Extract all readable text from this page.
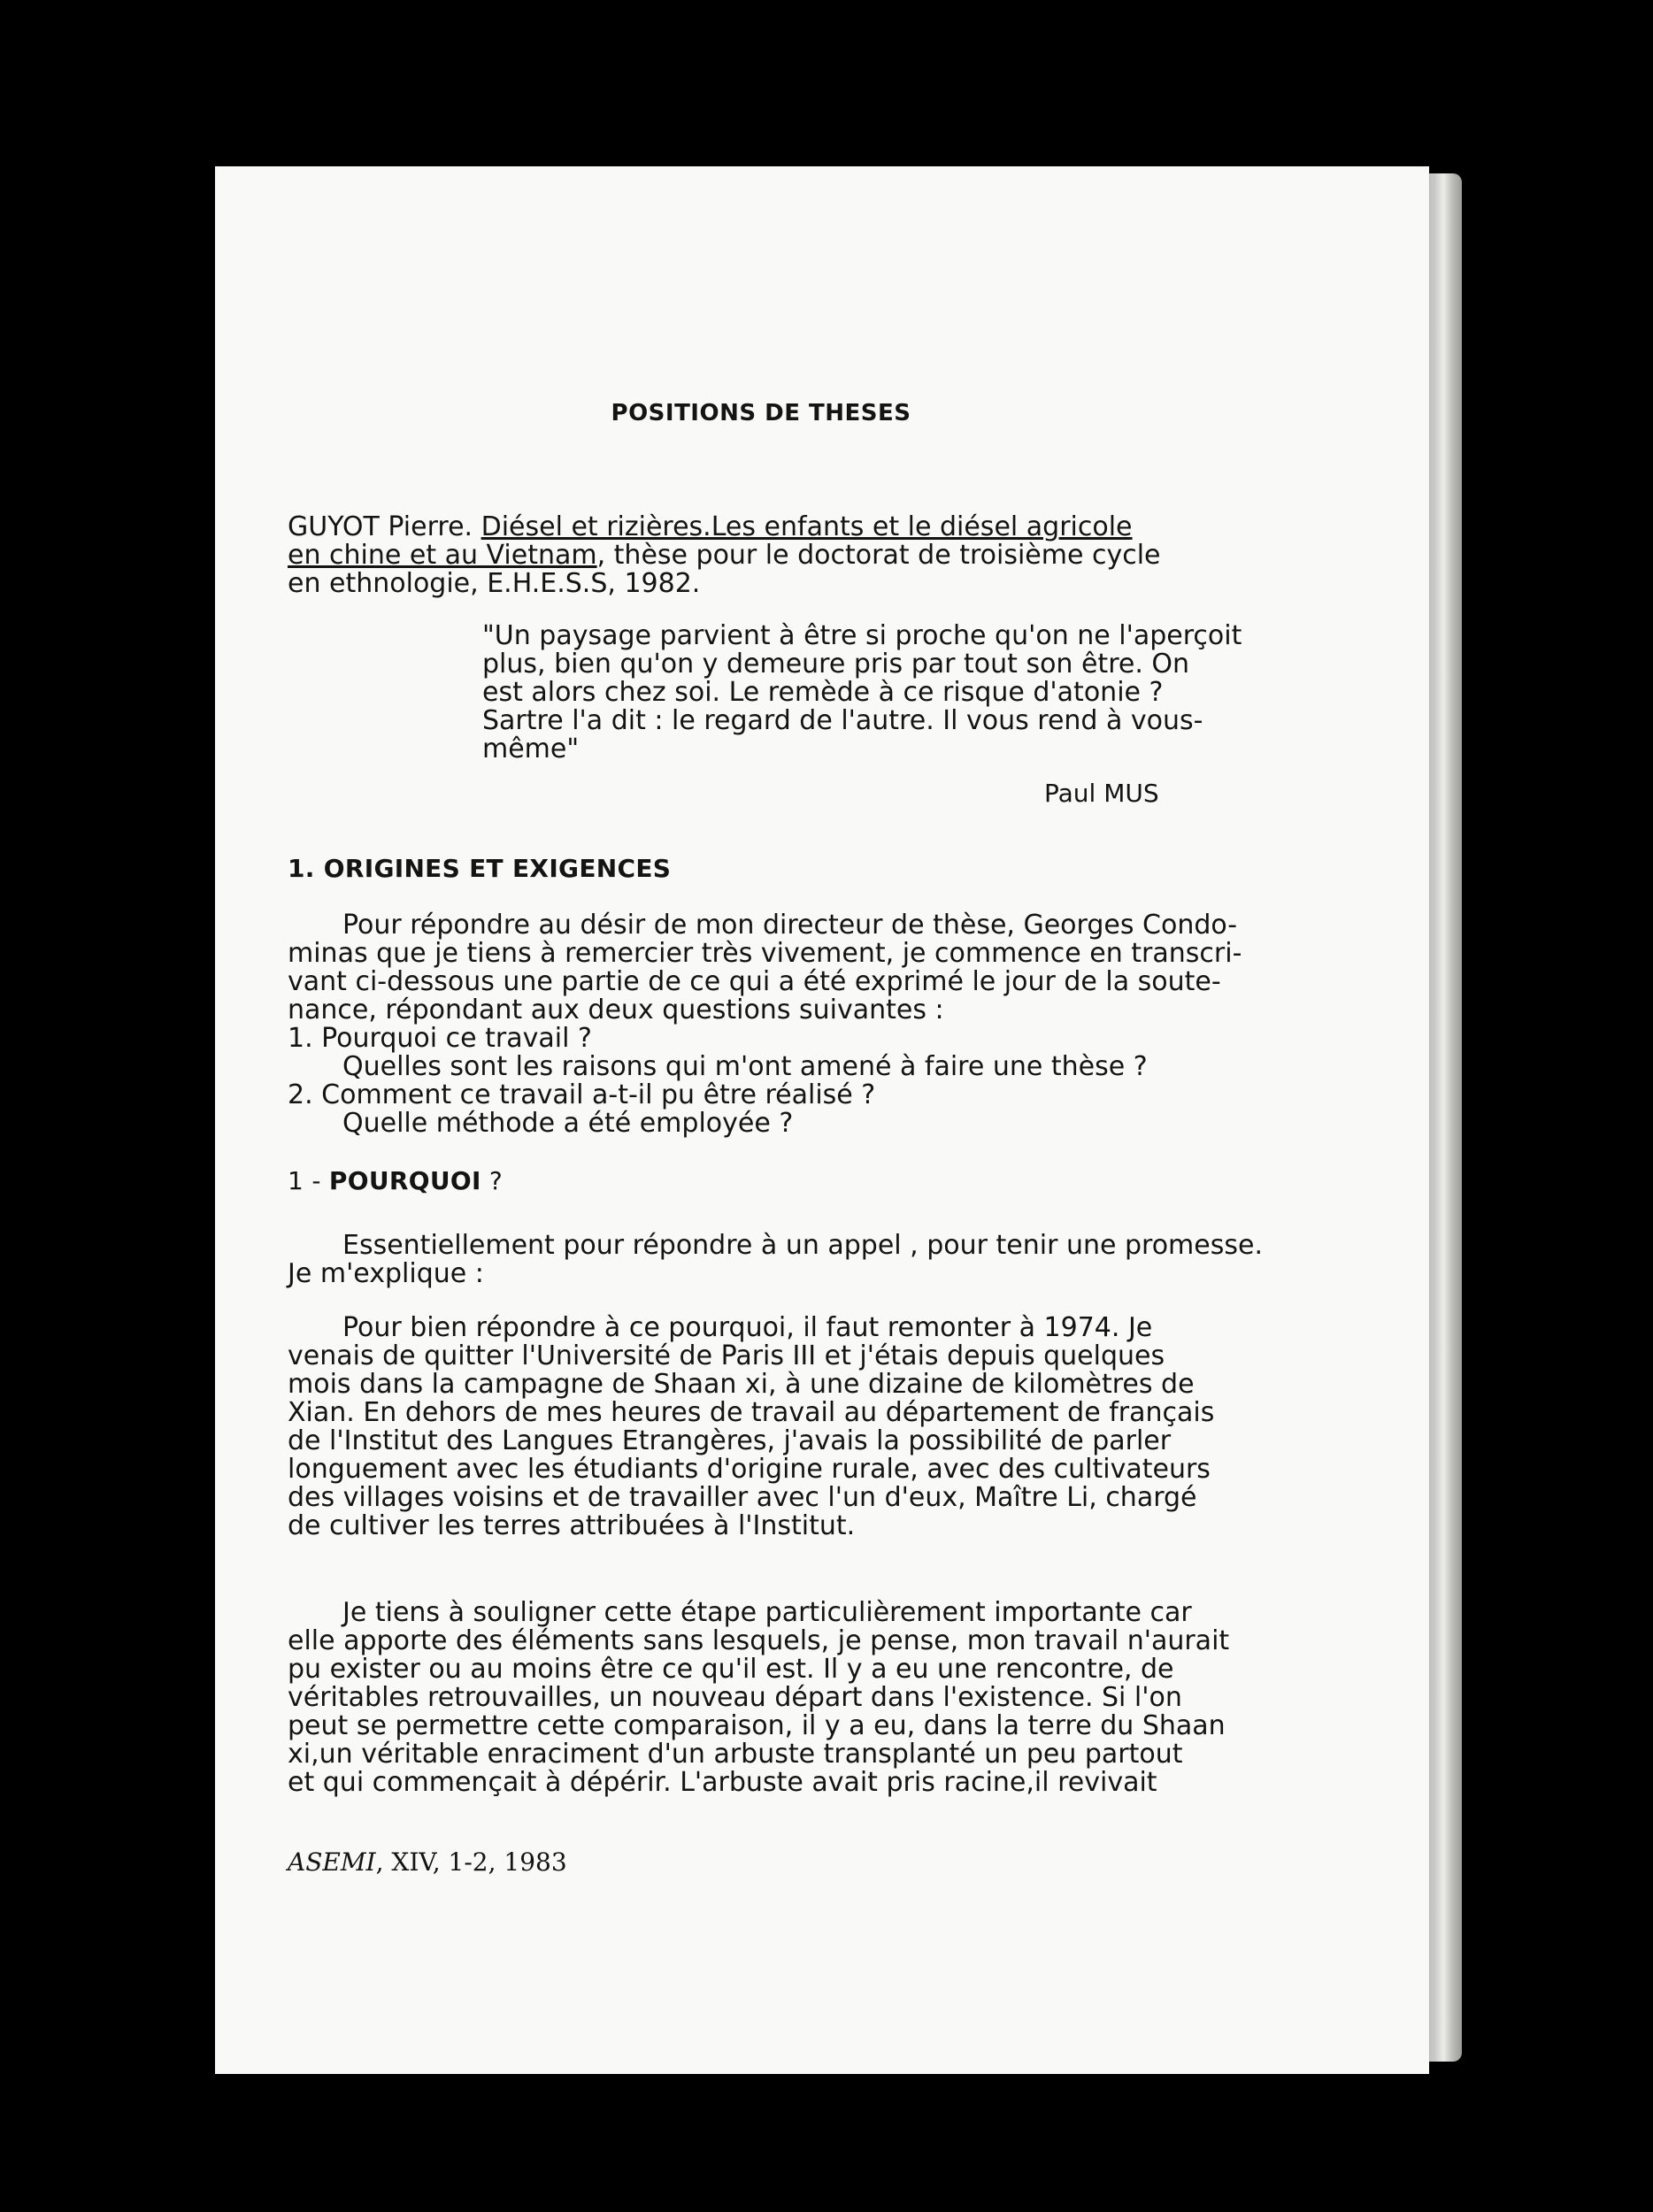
POSITIONS DE THESES
GUYOT Pierre. Diésel et rizières.Les enfants et le diésel agricole
en chine et au Vietnam, thèse pour le doctorat de troisième cycle
en ethnologie, E.H.E.S.S, 1982.
"Un paysage parvient à être si proche qu'on ne l'aperçoit
plus, bien qu'on y demeure pris par tout son être. On
est alors chez soi. Le remède à ce risque d'atonie ?
Sartre l'a dit : le regard de l'autre. Il vous rend à vous-
même"
Paul MUS
1. ORIGINES ET EXIGENCES
Pour répondre au désir de mon directeur de thèse, Georges Condo-
minas que je tiens à remercier très vivement, je commence en transcri-
vant ci-dessous une partie de ce qui a été exprimé le jour de la soute-
nance, répondant aux deux questions suivantes :
1. Pourquoi ce travail ?
Quelles sont les raisons qui m'ont amené à faire une thèse ?
2. Comment ce travail a-t-il pu être réalisé ?
Quelle méthode a été employée ?
1 - POURQUOI ?
Essentiellement pour répondre à un appel , pour tenir une promesse.
Je m'explique :
Pour bien répondre à ce pourquoi, il faut remonter à 1974. Je
venais de quitter l'Université de Paris III et j'étais depuis quelques
mois dans la campagne de Shaan xi, à une dizaine de kilomètres de
Xian. En dehors de mes heures de travail au département de français
de l'Institut des Langues Etrangères, j'avais la possibilité de parler
longuement avec les étudiants d'origine rurale, avec des cultivateurs
des villages voisins et de travailler avec l'un d'eux, Maître Li, chargé
de cultiver les terres attribuées à l'Institut.
Je tiens à souligner cette étape particulièrement importante car
elle apporte des éléments sans lesquels, je pense, mon travail n'aurait
pu exister ou au moins être ce qu'il est. Il y a eu une rencontre, de
véritables retrouvailles, un nouveau départ dans l'existence. Si l'on
peut se permettre cette comparaison, il y a eu, dans la terre du Shaan
xi,un véritable enraciment d'un arbuste transplanté un peu partout
et qui commençait à dépérir. L'arbuste avait pris racine,il revivait
ASEMI, XIV, 1-2, 1983
